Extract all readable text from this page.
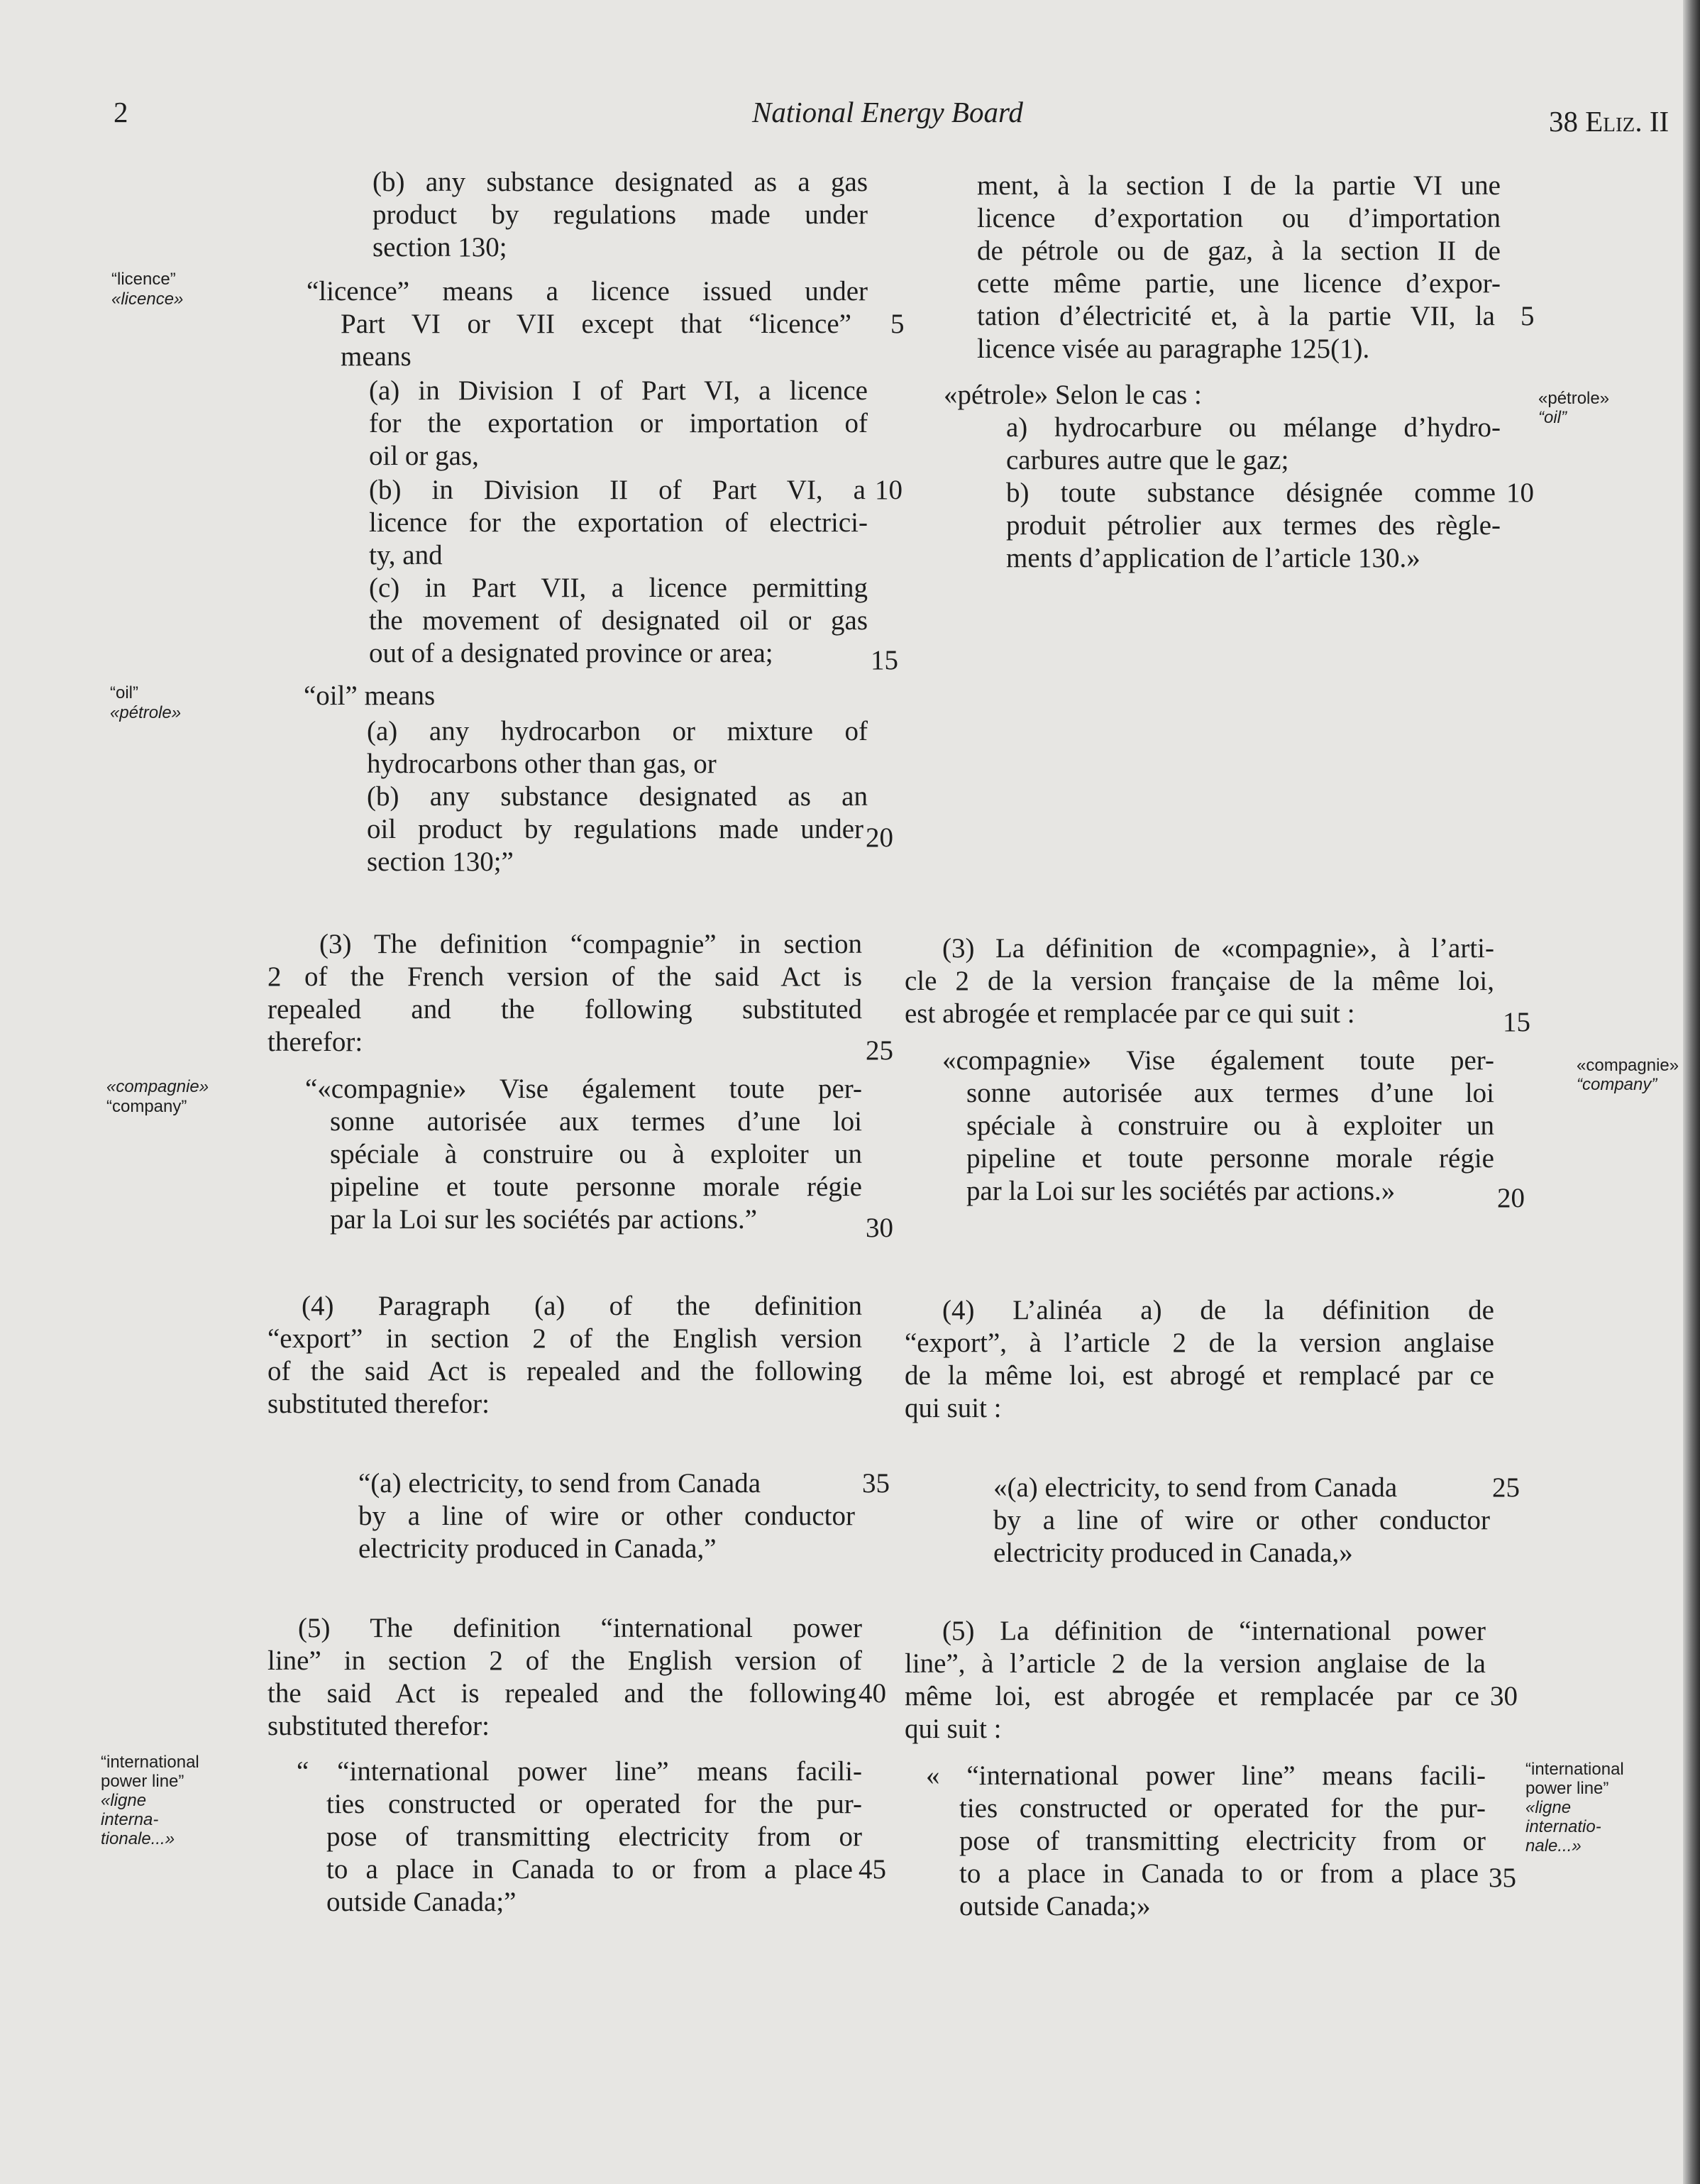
2	National Energy Board	38 Eliz. II
(b) any substance designated as a gas
product by regulations made under
section 130;
“licence” means a licence issued under
Part VI or VII except that “licence”
means
(a) in Division I of Part VI, a licence
for the exportation or importation of
oil or gas,
(b) in Division II of Part VI, a
licence for the exportation of electrici-
ty, and
(c) in Part VII, a licence permitting
the movement of designated oil or gas
out of a designated province or area;
“oil” means
(a) any hydrocarbon or mixture of
hydrocarbons other than gas, or
(b) any substance designated as an
oil product by regulations made under
section 130;”
(3) The definition “compagnie” in section
2 of the French version of the said Act is
repealed and the following substituted
therefor:
“«compagnie» Vise également toute per-
sonne autorisée aux termes d’une loi
spéciale à construire ou à exploiter un
pipeline et toute personne morale régie
par la Loi sur les sociétés par actions.”
(4) Paragraph (a) of the definition
“export” in section 2 of the English version
of the said Act is repealed and the following
substituted therefor:
“(a) electricity, to send from Canada
by a line of wire or other conductor
electricity produced in Canada,”
(5) The definition “international power
line” in section 2 of the English version of
the said Act is repealed and the following
substituted therefor:
“ “international power line” means facili-
ties constructed or operated for the pur-
pose of transmitting electricity from or
to a place in Canada to or from a place
outside Canada;”
5
10
15
20
25
30
35
40
45
“licence”
«licence»
“oil”
«pétrole»
«compagnie»
“company”
“international
power line”
«ligne
interna-
tionale...»
ment, à la section I de la partie VI une
licence d’exportation ou d’importation
de pétrole ou de gaz, à la section II de
cette même partie, une licence d’expor-
tation d’électricité et, à la partie VII, la
licence visée au paragraphe 125(1).
«pétrole» Selon le cas :
a) hydrocarbure ou mélange d’hydro-
carbures autre que le gaz;
b) toute substance désignée comme
produit pétrolier aux termes des règle-
ments d’application de l’article 130.»
(3) La définition de «compagnie», à l’arti-
cle 2 de la version française de la même loi,
est abrogée et remplacée par ce qui suit :
«compagnie» Vise également toute per-
sonne autorisée aux termes d’une loi
spéciale à construire ou à exploiter un
pipeline et toute personne morale régie
par la Loi sur les sociétés par actions.»
(4) L’alinéa a) de la définition de
“export”, à l’article 2 de la version anglaise
de la même loi, est abrogé et remplacé par ce
qui suit :
«(a) electricity, to send from Canada
by a line of wire or other conductor
electricity produced in Canada,»
(5) La définition de “international power
line”, à l’article 2 de la version anglaise de la
même loi, est abrogée et remplacée par ce
qui suit :
« “international power line” means facili-
ties constructed or operated for the pur-
pose of transmitting electricity from or
to a place in Canada to or from a place
outside Canada;»
5
10
15
20
25
30
35
«pétrole»
“oil”
«compagnie»
“company”
“international
power line”
«ligne
internatio-
nale...»
